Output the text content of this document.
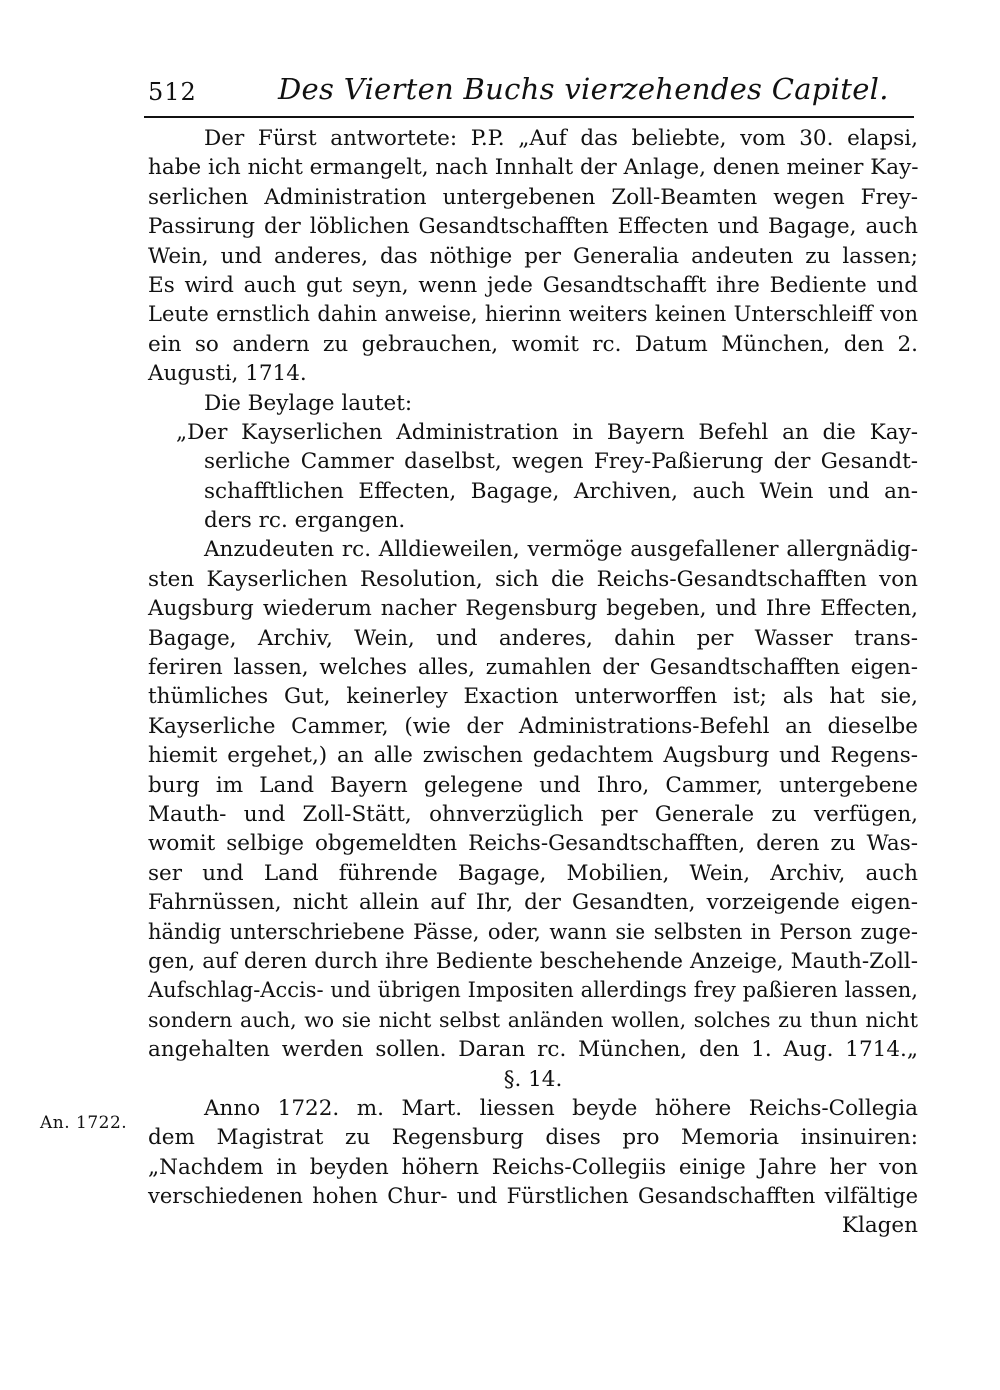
512	Des Vierten Buchs vierzehendes Capitel.
An. 1722.
Der Fürst antwortete: P.P. „Auf das beliebte, vom 30. elapsi,
habe ich nicht ermangelt, nach Innhalt der Anlage, denen meiner Kay-
serlichen Administration untergebenen Zoll-Beamten wegen Frey-
Passirung der löblichen Gesandtschafften Effecten und Bagage, auch
Wein, und anderes, das nöthige per Generalia andeuten zu lassen;
Es wird auch gut seyn, wenn jede Gesandtschafft ihre Bediente und
Leute ernstlich dahin anweise, hierinn weiters keinen Unterschleiff von
ein so andern zu gebrauchen, womit rc. Datum München, den 2.
Augusti, 1714.
Die Beylage lautet:
„Der Kayserlichen Administration in Bayern Befehl an die Kay-
serliche Cammer daselbst, wegen Frey-Paßierung der Gesandt-
schafftlichen Effecten, Bagage, Archiven, auch Wein und an-
ders rc. ergangen.
Anzudeuten rc. Alldieweilen, vermöge ausgefallener allergnädig-
sten Kayserlichen Resolution, sich die Reichs-Gesandtschafften von
Augsburg wiederum nacher Regensburg begeben, und Ihre Effecten,
Bagage, Archiv, Wein, und anderes, dahin per Wasser trans-
feriren lassen, welches alles, zumahlen der Gesandtschafften eigen-
thümliches Gut, keinerley Exaction unterworffen ist; als hat sie,
Kayserliche Cammer, (wie der Administrations-Befehl an dieselbe
hiemit ergehet,) an alle zwischen gedachtem Augsburg und Regens-
burg im Land Bayern gelegene und Ihro, Cammer, untergebene
Mauth- und Zoll-Stätt, ohnverzüglich per Generale zu verfügen,
womit selbige obgemeldten Reichs-Gesandtschafften, deren zu Was-
ser und Land führende Bagage, Mobilien, Wein, Archiv, auch
Fahrnüssen, nicht allein auf Ihr, der Gesandten, vorzeigende eigen-
händig unterschriebene Pässe, oder, wann sie selbsten in Person zuge-
gen, auf deren durch ihre Bediente beschehende Anzeige, Mauth-Zoll-
Aufschlag-Accis- und übrigen Impositen allerdings frey paßieren lassen,
sondern auch, wo sie nicht selbst anländen wollen, solches zu thun nicht
angehalten werden sollen. Daran rc. München, den 1. Aug. 1714.„
§. 14.
Anno 1722. m. Mart. liessen beyde höhere Reichs-Collegia
dem Magistrat zu Regensburg dises pro Memoria insinuiren:
„Nachdem in beyden höhern Reichs-Collegiis einige Jahre her von
verschiedenen hohen Chur- und Fürstlichen Gesandschafften vilfältige
Klagen
